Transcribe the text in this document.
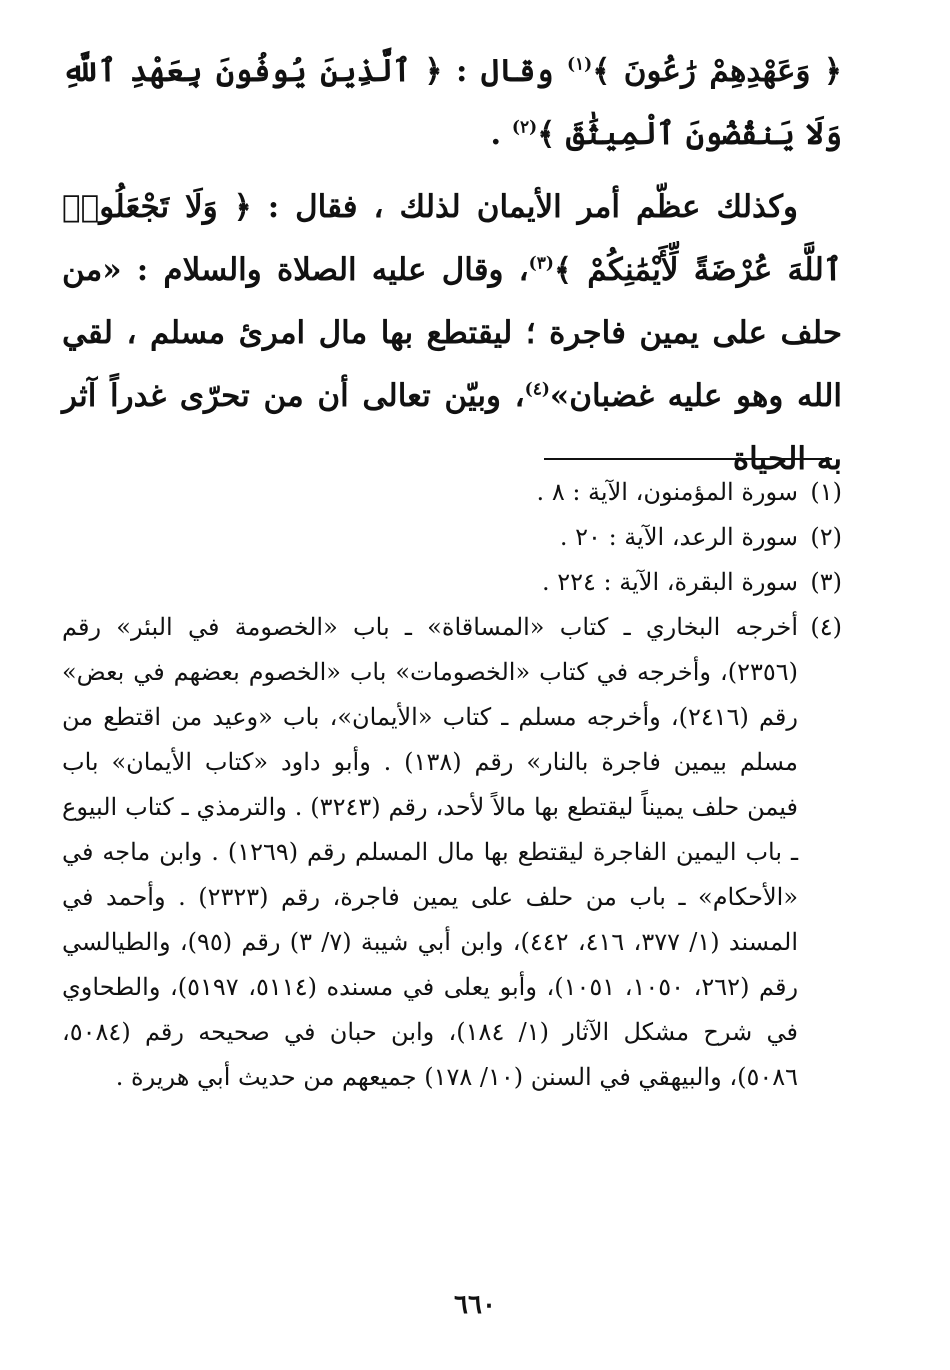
﴿ وَعَهْدِهِمْ رَٰعُونَ ﴾$^{(١)}$ وقال : ﴿ ٱلَّذِينَ يُوفُونَ بِعَهْدِ ٱللَّهِ وَلَا يَنقُضُونَ ٱلْمِيثَٰقَ ﴾$^{(٢)}$ .

وكذلك عظّم أمر الأيمان لذلك ، فقال : ﴿ وَلَا تَجْعَلُوا۟ ٱللَّهَ عُرْضَةً لِّأَيْمَٰنِكُمْ ﴾$^{(٣)}$، وقال عليه الصلاة والسلام : «من حلف على يمين فاجرة ؛ ليقتطع بها مال امرئ مسلم ، لقي الله وهو عليه غضبان»$^{(٤)}$، وبيّن تعالى أن من تحرّى غدراً آثر به الحياة

(١)
سورة المؤمنون، الآية : ٨ .
(٢)
سورة الرعد، الآية : ٢٠ .
(٣)
سورة البقرة، الآية : ٢٢٤ .
(٤)
أخرجه البخاري ـ كتاب «المساقاة» ـ باب «الخصومة في البئر» رقم (٢٣٥٦)، وأخرجه في كتاب «الخصومات» باب «الخصوم بعضهم في بعض» رقم (٢٤١٦)، وأخرجه مسلم ـ كتاب «الأيمان»، باب «وعيد من اقتطع من مسلم بيمين فاجرة بالنار» رقم (١٣٨) . وأبو داود «كتاب الأيمان» باب فيمن حلف يميناً ليقتطع بها مالاً لأحد، رقم (٣٢٤٣) . والترمذي ـ كتاب البيوع ـ باب اليمين الفاجرة ليقتطع بها مال المسلم رقم (١٢٦٩) . وابن ماجه في «الأحكام» ـ باب من حلف على يمين فاجرة، رقم (٢٣٢٣) . وأحمد في المسند (١/ ٣٧٧، ٤١٦، ٤٤٢)، وابن أبي شيبة (٧/ ٣) رقم (٩٥)، والطيالسي رقم (٢٦٢، ١٠٥٠، ١٠٥١)، وأبو يعلى في مسنده (٥١١٤، ٥١٩٧)، والطحاوي في شرح مشكل الآثار (١/ ١٨٤)، وابن حبان في صحيحه رقم (٥٠٨٤، ٥٠٨٦)، والبيهقي في السنن (١٠/ ١٧٨) جميعهم من حديث أبي هريرة .
٦٦٠
